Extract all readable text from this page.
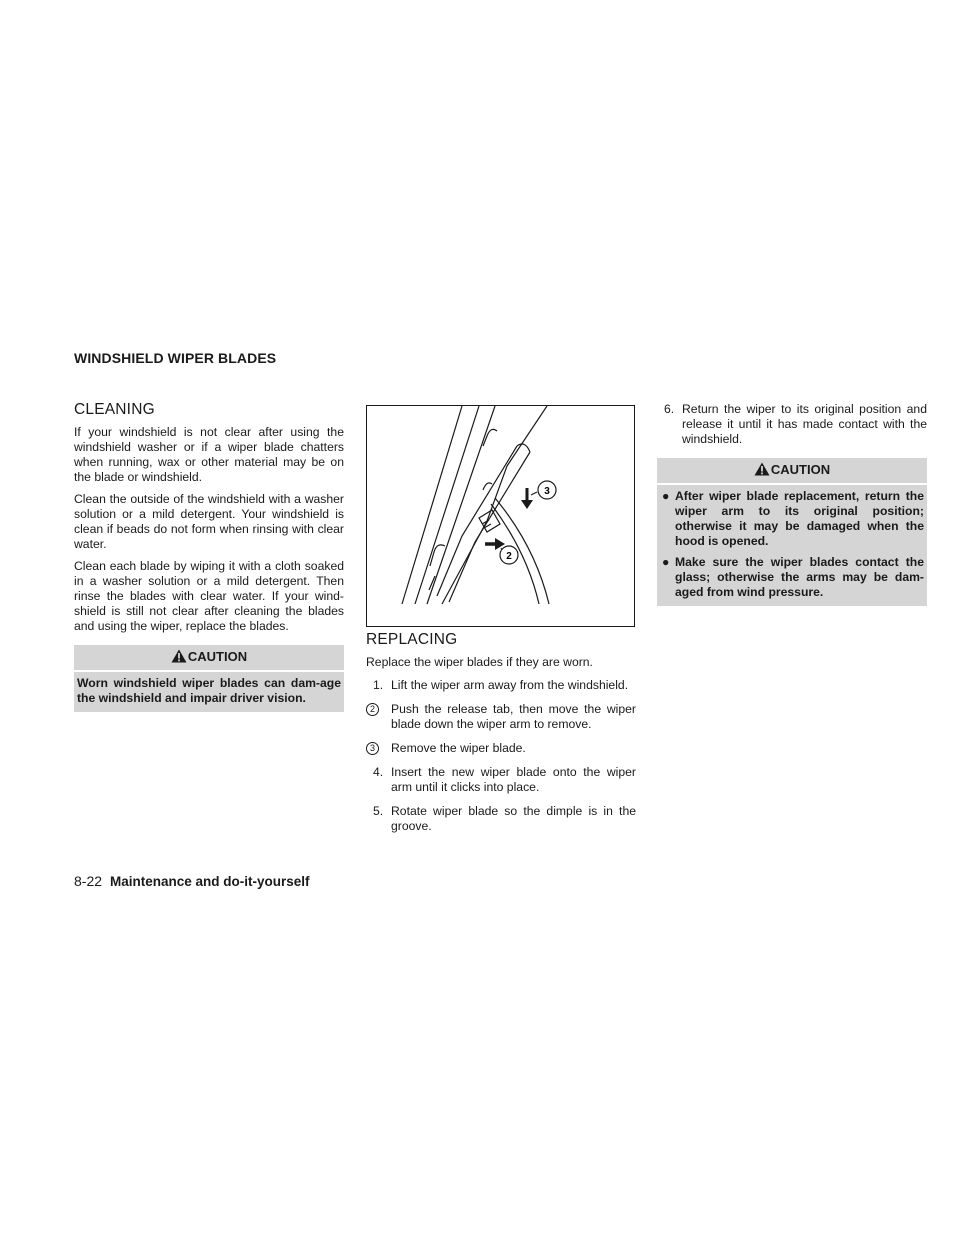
WINDSHIELD WIPER BLADES
CLEANING

If your windshield is not clear after using the windshield washer or if a wiper blade chatters when running, wax or other material may be on the blade or windshield.

Clean the outside of the windshield with a washer solution or a mild detergent. Your windshield is clean if beads do not form when rinsing with clear water.

Clean each blade by wiping it with a cloth soaked in a washer solution or a mild detergent. Then rinse the blades with clear water. If your wind-shield is still not clear after cleaning the blades and using the wiper, replace the blades.

CAUTION
Worn windshield wiper blades can dam-age the windshield and impair driver vision.
3
2
REPLACING

Replace the wiper blades if they are worn.

1. Lift the wiper arm away from the windshield.
2	Push the release tab, then move the wiper blade down the wiper arm to remove.
3	Remove the wiper blade.
4. Insert the new wiper blade onto the wiper arm until it clicks into place.
5. Rotate wiper blade so the dimple is in the groove.
6. Return the wiper to its original position and release it until it has made contact with the windshield.
CAUTION
● After wiper blade replacement, return the wiper arm to its original position; otherwise it may be damaged when the hood is opened.
● Make sure the wiper blades contact the glass; otherwise the arms may be dam-aged from wind pressure.
8-22 Maintenance and do-it-yourself
